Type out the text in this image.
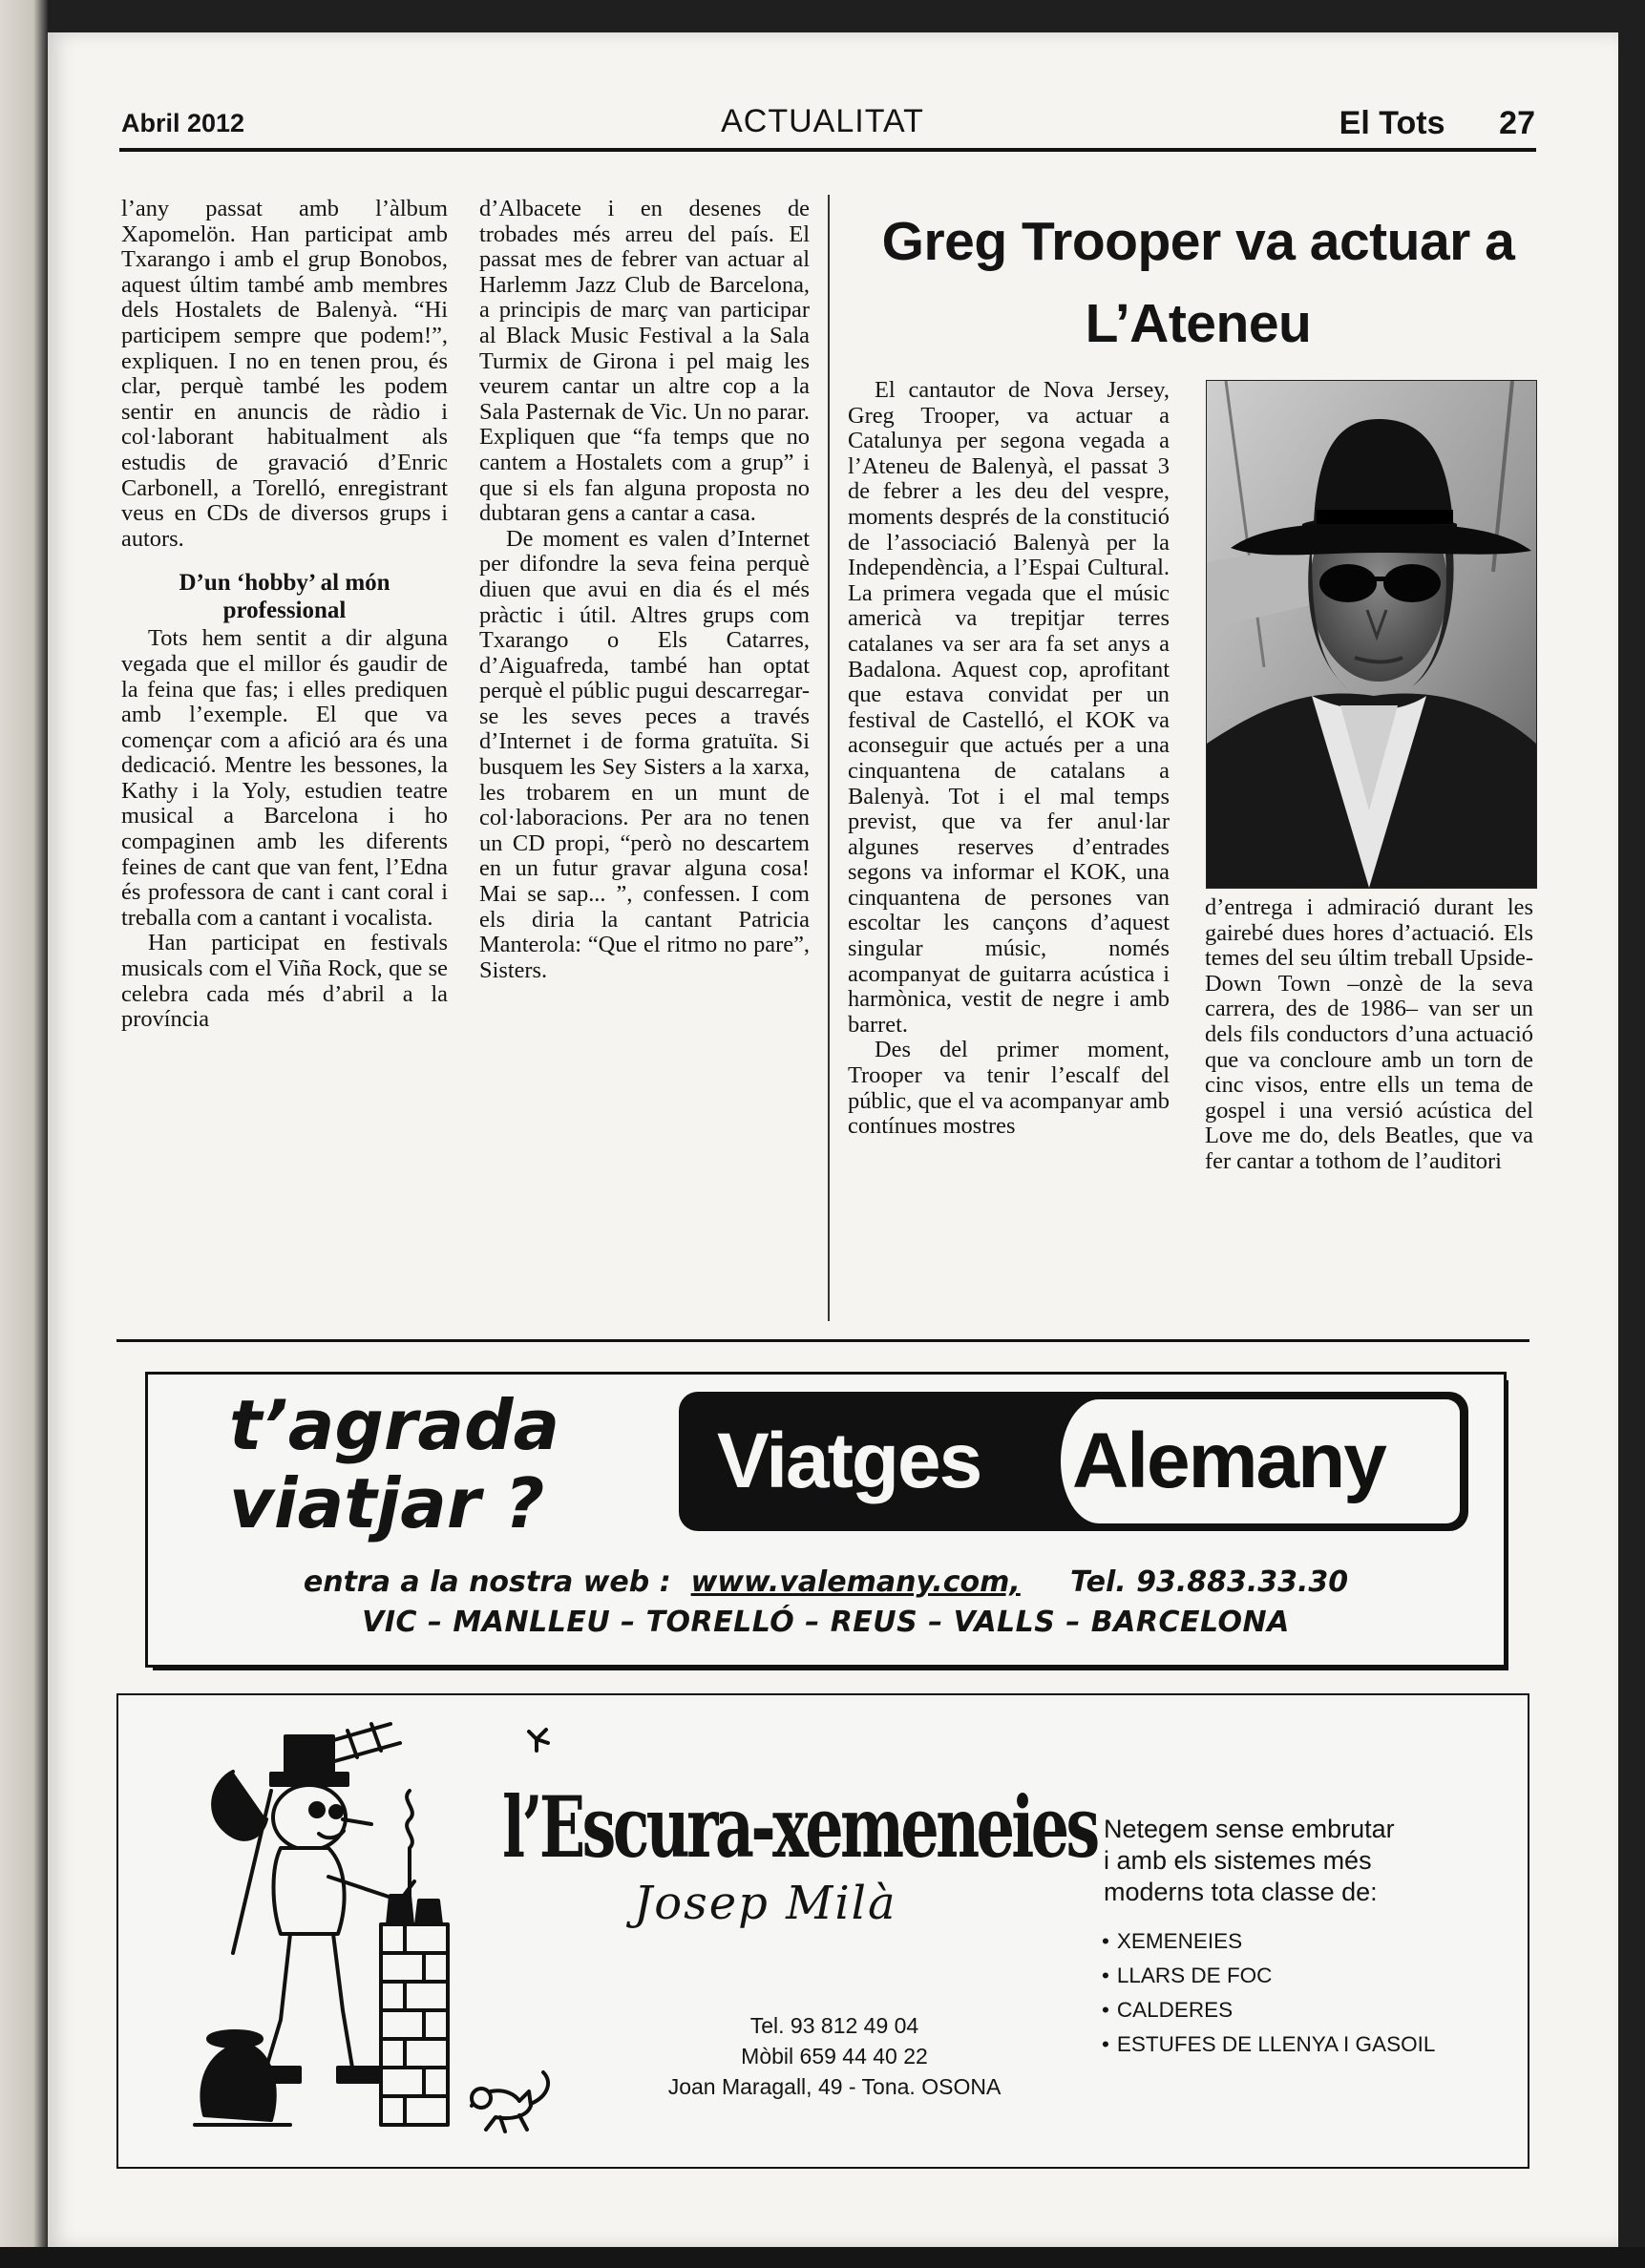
Abril 2012	ACTUALITAT	El Tots 27

l’any passat amb l’àlbum Xapomelön. Han participat amb Txarango i amb el grup Bonobos, aquest últim també amb membres dels Hostalets de Balenyà. “Hi participem sempre que podem!”, expliquen. I no en tenen prou, és clar, perquè també les podem sentir en anuncis de ràdio i col·laborant habitualment als estudis de gravació d’Enric Carbonell, a Torelló, enregistrant veus en CDs de diversos grups i autors.

D’un ‘hobby’ al món professional

Tots hem sentit a dir alguna vegada que el millor és gaudir de la feina que fas; i elles prediquen amb l’exemple. El que va començar com a afició ara és una dedicació. Mentre les bessones, la Kathy i la Yoly, estudien teatre musical a Barcelona i ho compaginen amb les diferents feines de cant que van fent, l’Edna és professora de cant i cant coral i treballa com a cantant i vocalista.

Han participat en festivals musicals com el Viña Rock, que se celebra cada més d’abril a la província

d’Albacete i en desenes de trobades més arreu del país. El passat mes de febrer van actuar al Harlemm Jazz Club de Barcelona, a principis de març van participar al Black Music Festival a la Sala Turmix de Girona i pel maig les veurem cantar un altre cop a la Sala Pasternak de Vic. Un no parar. Expliquen que “fa temps que no cantem a Hostalets com a grup” i que si els fan alguna proposta no dubtaran gens a cantar a casa.

De moment es valen d’Internet per difondre la seva feina perquè diuen que avui en dia és el més pràctic i útil. Altres grups com Txarango o Els Catarres, d’Aiguafreda, també han optat perquè el públic pugui descarregar-se les seves peces a través d’Internet i de forma gratuïta. Si busquem les Sey Sisters a la xarxa, les trobarem en un munt de col·laboracions. Per ara no tenen un CD propi, “però no descartem en un futur gravar alguna cosa! Mai se sap... ”, confessen. I com els diria la cantant Patricia Manterola: “Que el ritmo no pare”, Sisters.

Greg Trooper va actuar a L’Ateneu

El cantautor de Nova Jersey, Greg Trooper, va actuar a Catalunya per segona vegada a l’Ateneu de Balenyà, el passat 3 de febrer a les deu del vespre, moments després de la constitució de l’associació Balenyà per la Independència, a l’Espai Cultural. La primera vegada que el músic americà va trepitjar terres catalanes va ser ara fa set anys a Badalona. Aquest cop, aprofitant que estava convidat per un festival de Castelló, el KOK va aconseguir que actués per a una cinquantena de catalans a Balenyà. Tot i el mal temps previst, que va fer anul·lar algunes reserves d’entrades segons va informar el KOK, una cinquantena de persones van escoltar les cançons d’aquest singular músic, només acompanyat de guitarra acústica i harmònica, vestit de negre i amb barret.

Des del primer moment, Trooper va tenir l’escalf del públic, que el va acompanyar amb contínues mostres

d’entrega i admiració durant les gairebé dues hores d’actuació. Els temes del seu últim treball Upside-Down Town –onzè de la seva carrera, des de 1986– van ser un dels fils conductors d’una actuació que va concloure amb un torn de cinc visos, entre ells un tema de gospel i una versió acústica del Love me do, dels Beatles, que va fer cantar a tothom de l’auditori

t’agrada
viatjar ? Viatges Alemany
entra a la nostra web : www.valemany.com, Tel. 93.883.33.30
VIC – MANLLEU – TORELLÓ – REUS – VALLS – BARCELONA
l’Escura-xemeneies
Josep Milà
Tel. 93 812 49 04
Mòbil 659 44 40 22
Joan Maragall, 49 - Tona. OSONA
Netegem sense embrutar
i amb els sistemes més
moderns tota classe de:
• XEMENEIES
• LLARS DE FOC
• CALDERES
• ESTUFES DE LLENYA I GASOIL
